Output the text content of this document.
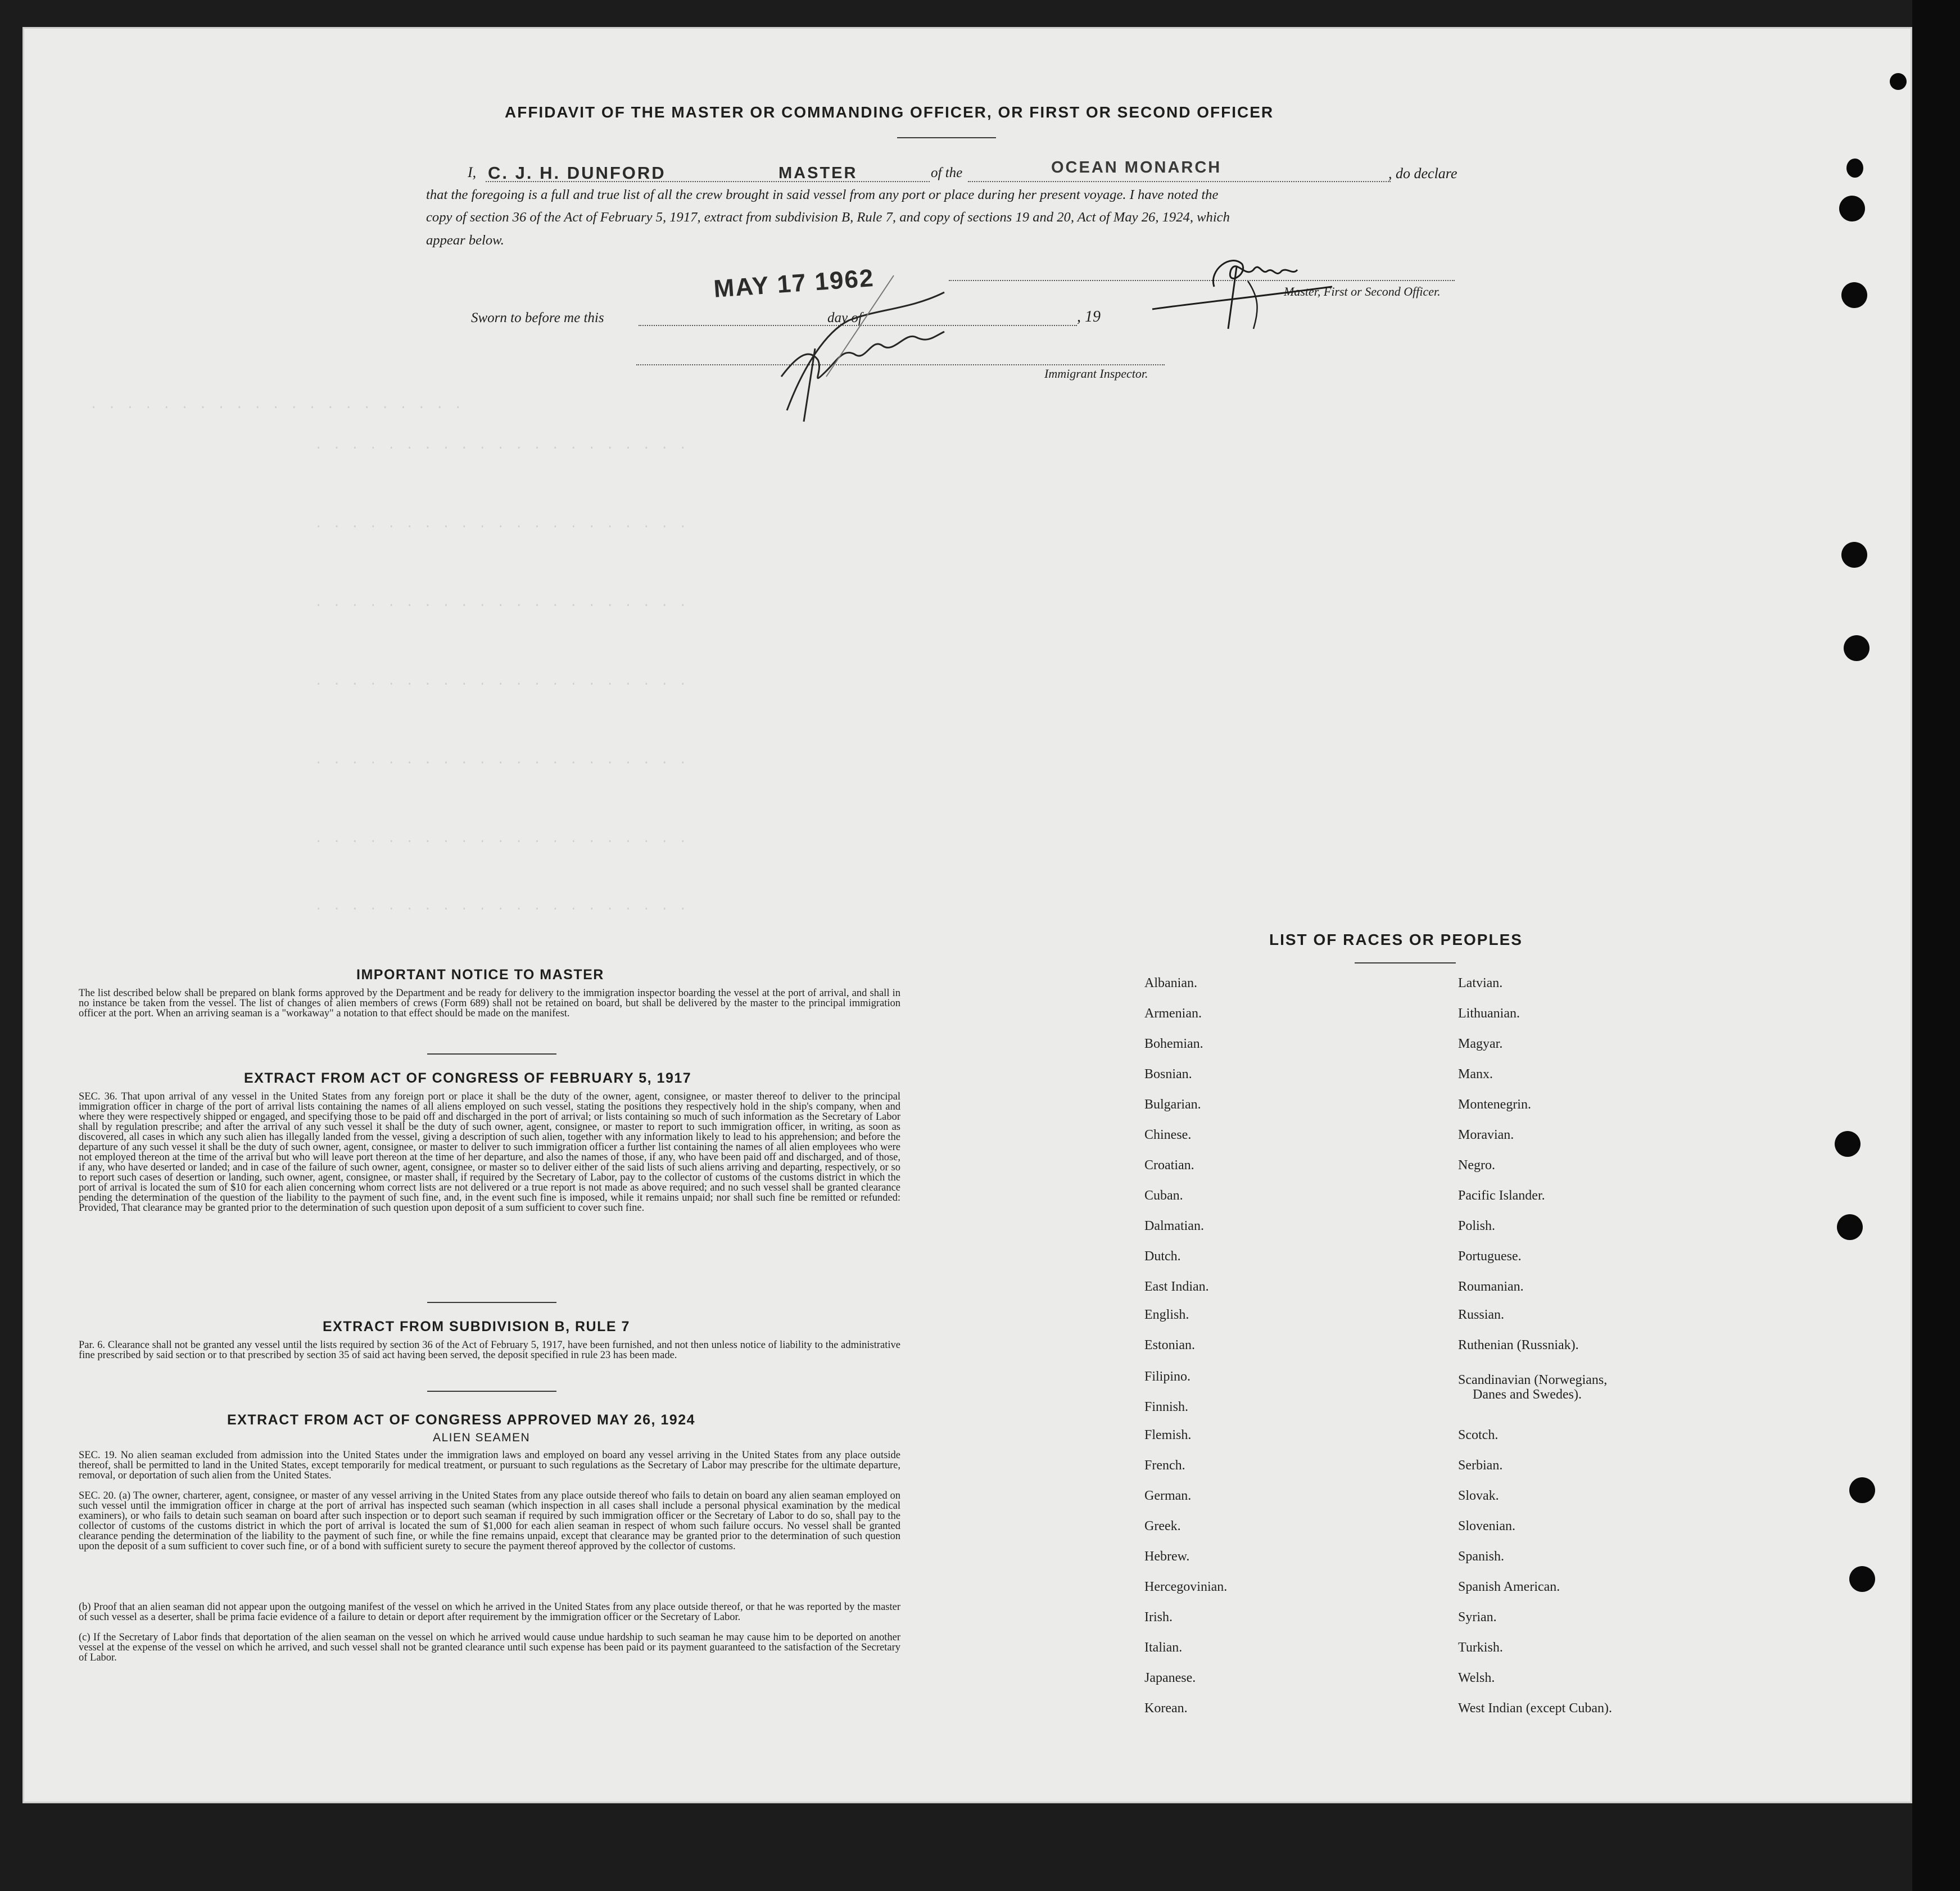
. . . . . . . . . . . . . . . . . . . . .
. . . . . . . . . . . . . . . . . . . . .
. . . . . . . . . . . . . . . . . . . . .
. . . . . . . . . . . . . . . . . . . . .
. . . . . . . . . . . . . . . . . . . . .
. . . . . . . . . . . . . . . . . . . . .
. . . . . . . . . . . . . . . . . . . . .
. . . . . . . . . . . . . . . . . . . . .
AFFIDAVIT OF THE MASTER OR COMMANDING OFFICER, OR FIRST OR SECOND OFFICER
I, C. J. H. DUNFORD	MASTER	of the	OCEAN MONARCH	, do declare
that the foregoing is a full and true list of all the crew brought in said vessel from any port or place during her present voyage. I have noted the
copy of section 36 of the Act of February 5, 1917, extract from subdivision B, Rule 7, and copy of sections 19 and 20, Act of May 26, 1924, which
appear below.
Master, First or Second Officer.
Sworn to before me this
MAY 17 1962
day of	, 19
Immigrant Inspector.
IMPORTANT NOTICE TO MASTER
The list described below shall be prepared on blank forms approved by the Department and be ready for delivery to the immigration inspector boarding the vessel at the port of arrival, and shall in no instance be taken from the vessel. The list of changes of alien members of crews (Form 689) shall not be retained on board, but shall be delivered by the master to the principal immigration officer at the port. When an arriving seaman is a "workaway" a notation to that effect should be made on the manifest.
EXTRACT FROM ACT OF CONGRESS OF FEBRUARY 5, 1917
SEC. 36. That upon arrival of any vessel in the United States from any foreign port or place it shall be the duty of the owner, agent, consignee, or master thereof to deliver to the principal immigration officer in charge of the port of arrival lists containing the names of all aliens employed on such vessel, stating the positions they respectively hold in the ship's company, when and where they were respectively shipped or engaged, and specifying those to be paid off and discharged in the port of arrival; or lists containing so much of such information as the Secretary of Labor shall by regulation prescribe; and after the arrival of any such vessel it shall be the duty of such owner, agent, consignee, or master to report to such immigration officer, in writing, as soon as discovered, all cases in which any such alien has illegally landed from the vessel, giving a description of such alien, together with any information likely to lead to his apprehension; and before the departure of any such vessel it shall be the duty of such owner, agent, consignee, or master to deliver to such immigration officer a further list containing the names of all alien employees who were not employed thereon at the time of the arrival but who will leave port thereon at the time of her departure, and also the names of those, if any, who have been paid off and discharged, and of those, if any, who have deserted or landed; and in case of the failure of such owner, agent, consignee, or master so to deliver either of the said lists of such aliens arriving and departing, respectively, or so to report such cases of desertion or landing, such owner, agent, consignee, or master shall, if required by the Secretary of Labor, pay to the collector of customs of the customs district in which the port of arrival is located the sum of $10 for each alien concerning whom correct lists are not delivered or a true report is not made as above required; and no such vessel shall be granted clearance pending the determination of the question of the liability to the payment of such fine, and, in the event such fine is imposed, while it remains unpaid; nor shall such fine be remitted or refunded: Provided, That clearance may be granted prior to the determination of such question upon deposit of a sum sufficient to cover such fine.
EXTRACT FROM SUBDIVISION B, RULE 7
Par. 6. Clearance shall not be granted any vessel until the lists required by section 36 of the Act of February 5, 1917, have been furnished, and not then unless notice of liability to the administrative fine prescribed by said section or to that prescribed by section 35 of said act having been served, the deposit specified in rule 23 has been made.
EXTRACT FROM ACT OF CONGRESS APPROVED MAY 26, 1924
ALIEN SEAMEN
SEC. 19. No alien seaman excluded from admission into the United States under the immigration laws and employed on board any vessel arriving in the United States from any place outside thereof, shall be permitted to land in the United States, except temporarily for medical treatment, or pursuant to such regulations as the Secretary of Labor may prescribe for the ultimate departure, removal, or deportation of such alien from the United States.
SEC. 20. (a) The owner, charterer, agent, consignee, or master of any vessel arriving in the United States from any place outside thereof who fails to detain on board any alien seaman employed on such vessel until the immigration officer in charge at the port of arrival has inspected such seaman (which inspection in all cases shall include a personal physical examination by the medical examiners), or who fails to detain such seaman on board after such inspection or to deport such seaman if required by such immigration officer or the Secretary of Labor to do so, shall pay to the collector of customs of the customs district in which the port of arrival is located the sum of $1,000 for each alien seaman in respect of whom such failure occurs. No vessel shall be granted clearance pending the determination of the liability to the payment of such fine, or while the fine remains unpaid, except that clearance may be granted prior to the determination of such question upon the deposit of a sum sufficient to cover such fine, or of a bond with sufficient surety to secure the payment thereof approved by the collector of customs.
(b) Proof that an alien seaman did not appear upon the outgoing manifest of the vessel on which he arrived in the United States from any place outside thereof, or that he was reported by the master of such vessel as a deserter, shall be prima facie evidence of a failure to detain or deport after requirement by the immigration officer or the Secretary of Labor.
(c) If the Secretary of Labor finds that deportation of the alien seaman on the vessel on which he arrived would cause undue hardship to such seaman he may cause him to be deported on another vessel at the expense of the vessel on which he arrived, and such vessel shall not be granted clearance until such expense has been paid or its payment guaranteed to the satisfaction of the Secretary of Labor.
LIST OF RACES OR PEOPLES
Albanian.
Armenian.
Bohemian.
Bosnian.
Bulgarian.
Chinese.
Croatian.
Cuban.
Dalmatian.
Dutch.
East Indian.
English.
Estonian.
Filipino.
Finnish.
Flemish.
French.
German.
Greek.
Hebrew.
Hercegovinian.
Irish.
Italian.
Japanese.
Korean.
Latvian.
Lithuanian.
Magyar.
Manx.
Montenegrin.
Moravian.
Negro.
Pacific Islander.
Polish.
Portuguese.
Roumanian.
Russian.
Ruthenian (Russniak).
Scandinavian (Norwegians,
Danes and Swedes).
Scotch.
Serbian.
Slovak.
Slovenian.
Spanish.
Spanish American.
Syrian.
Turkish.
Welsh.
West Indian (except Cuban).
